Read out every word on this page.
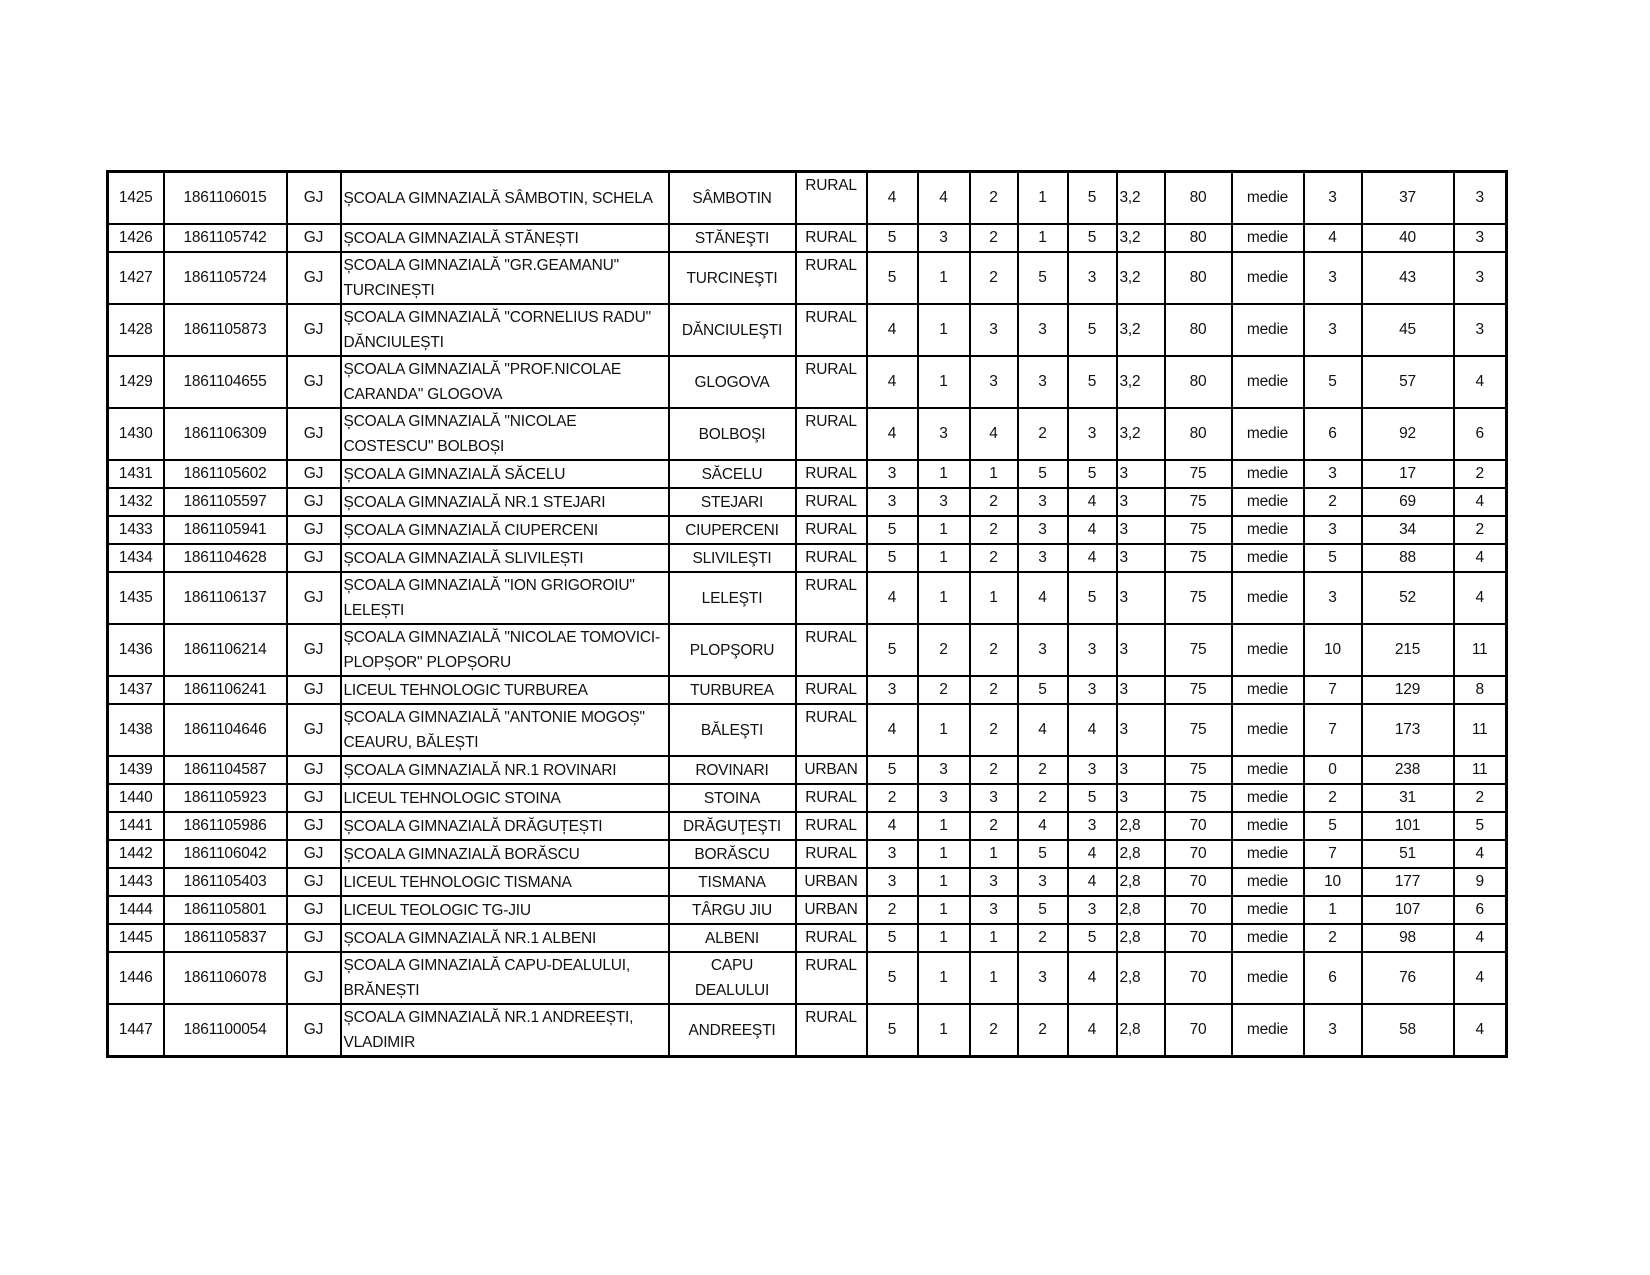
1425	1861106015	GJ	ȘCOALA GIMNAZIALĂ SÂMBOTIN, SCHELA	SÂMBOTIN	RURAL	4	4	2	1	5	3,2	80	medie	3	37	3
1426	1861105742	GJ	ȘCOALA GIMNAZIALĂ STĂNEȘTI	STĂNEŞTI	RURAL	5	3	2	1	5	3,2	80	medie	4	40	3
1427	1861105724	GJ	ȘCOALA GIMNAZIALĂ "GR.GEAMANU" TURCINEȘTI	TURCINEŞTI	RURAL	5	1	2	5	3	3,2	80	medie	3	43	3
1428	1861105873	GJ	ȘCOALA GIMNAZIALĂ "CORNELIUS RADU" DĂNCIULEȘTI	DĂNCIULEŞTI	RURAL	4	1	3	3	5	3,2	80	medie	3	45	3
1429	1861104655	GJ	ȘCOALA GIMNAZIALĂ "PROF.NICOLAE CARANDA" GLOGOVA	GLOGOVA	RURAL	4	1	3	3	5	3,2	80	medie	5	57	4
1430	1861106309	GJ	ȘCOALA GIMNAZIALĂ "NICOLAE COSTESCU" BOLBOȘI	BOLBOŞI	RURAL	4	3	4	2	3	3,2	80	medie	6	92	6
1431	1861105602	GJ	ȘCOALA GIMNAZIALĂ SĂCELU	SĂCELU	RURAL	3	1	1	5	5	3	75	medie	3	17	2
1432	1861105597	GJ	ȘCOALA GIMNAZIALĂ NR.1 STEJARI	STEJARI	RURAL	3	3	2	3	4	3	75	medie	2	69	4
1433	1861105941	GJ	ȘCOALA GIMNAZIALĂ CIUPERCENI	CIUPERCENI	RURAL	5	1	2	3	4	3	75	medie	3	34	2
1434	1861104628	GJ	ȘCOALA GIMNAZIALĂ SLIVILEȘTI	SLIVILEŞTI	RURAL	5	1	2	3	4	3	75	medie	5	88	4
1435	1861106137	GJ	ȘCOALA GIMNAZIALĂ "ION GRIGOROIU" LELEȘTI	LELEŞTI	RURAL	4	1	1	4	5	3	75	medie	3	52	4
1436	1861106214	GJ	ȘCOALA GIMNAZIALĂ "NICOLAE TOMOVICI- PLOPȘOR" PLOPȘORU	PLOPŞORU	RURAL	5	2	2	3	3	3	75	medie	10	215	11
1437	1861106241	GJ	LICEUL TEHNOLOGIC TURBUREA	TURBUREA	RURAL	3	2	2	5	3	3	75	medie	7	129	8
1438	1861104646	GJ	ȘCOALA GIMNAZIALĂ "ANTONIE MOGOȘ" CEAURU, BĂLEȘTI	BĂLEŞTI	RURAL	4	1	2	4	4	3	75	medie	7	173	11
1439	1861104587	GJ	ȘCOALA GIMNAZIALĂ NR.1 ROVINARI	ROVINARI	URBAN	5	3	2	2	3	3	75	medie	0	238	11
1440	1861105923	GJ	LICEUL TEHNOLOGIC STOINA	STOINA	RURAL	2	3	3	2	5	3	75	medie	2	31	2
1441	1861105986	GJ	ȘCOALA GIMNAZIALĂ DRĂGUȚEȘTI	DRĂGUŢEŞTI	RURAL	4	1	2	4	3	2,8	70	medie	5	101	5
1442	1861106042	GJ	ȘCOALA GIMNAZIALĂ BORĂSCU	BORĂSCU	RURAL	3	1	1	5	4	2,8	70	medie	7	51	4
1443	1861105403	GJ	LICEUL TEHNOLOGIC TISMANA	TISMANA	URBAN	3	1	3	3	4	2,8	70	medie	10	177	9
1444	1861105801	GJ	LICEUL TEOLOGIC TG-JIU	TÂRGU JIU	URBAN	2	1	3	5	3	2,8	70	medie	1	107	6
1445	1861105837	GJ	ȘCOALA GIMNAZIALĂ NR.1 ALBENI	ALBENI	RURAL	5	1	1	2	5	2,8	70	medie	2	98	4
1446	1861106078	GJ	ȘCOALA GIMNAZIALĂ CAPU-DEALULUI, BRĂNEȘTI	CAPU DEALULUI	RURAL	5	1	1	3	4	2,8	70	medie	6	76	4
1447	1861100054	GJ	ȘCOALA GIMNAZIALĂ NR.1 ANDREEȘTI, VLADIMIR	ANDREEŞTI	RURAL	5	1	2	2	4	2,8	70	medie	3	58	4
